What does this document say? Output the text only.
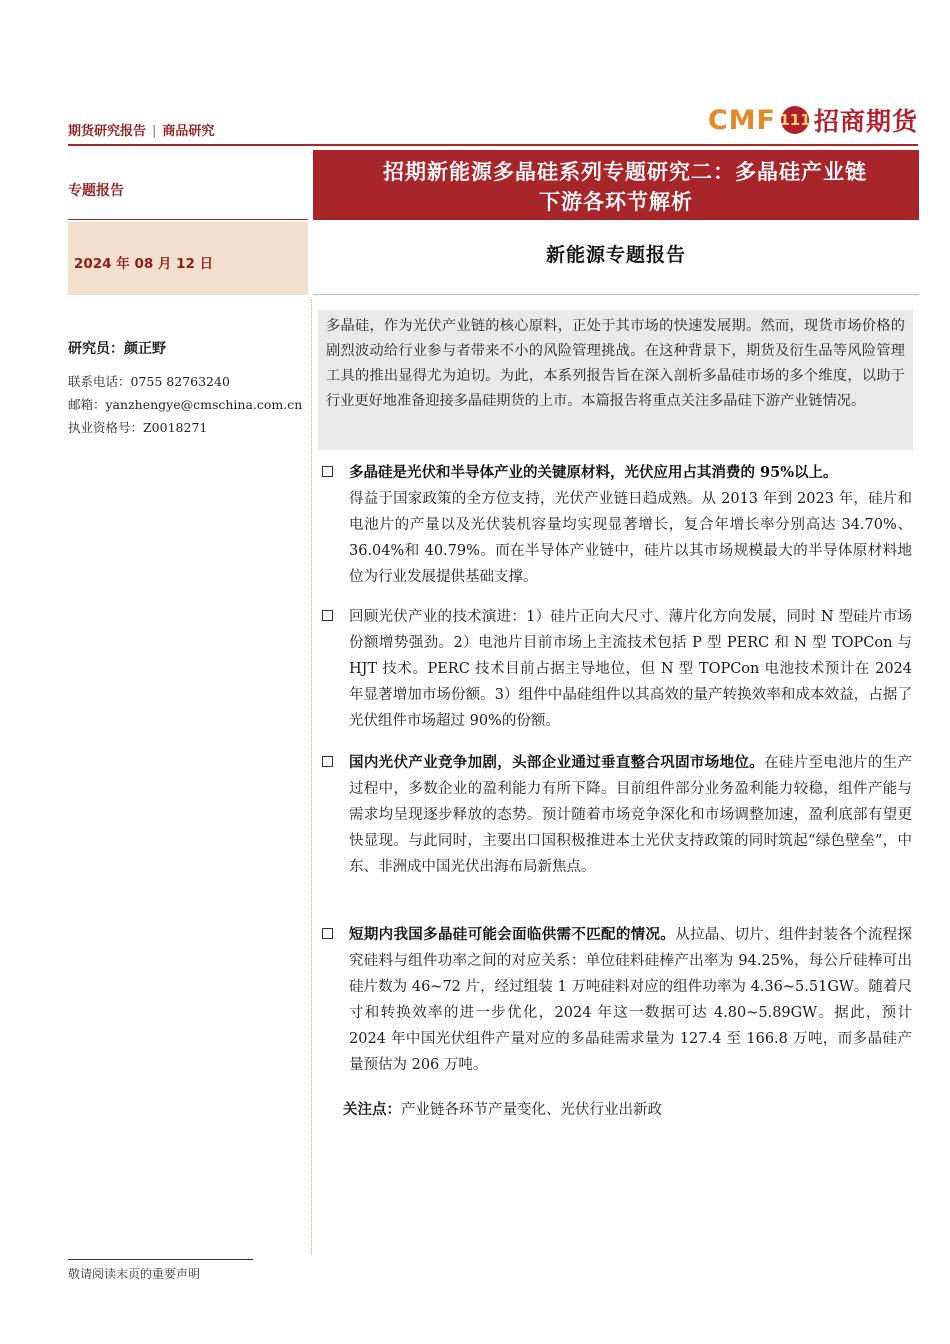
期货研究报告 | 商品研究	CMF 111 招商期货
专题报告
2024 年 08 月 12 日
研究员：颜正野
联系电话：0755 82763240
邮箱：yanzhengye@cmschina.com.cn
执业资格号：Z0018271
招期新能源多晶硅系列专题研究二：多晶硅产业链
下游各环节解析
新能源专题报告

多晶硅，作为光伏产业链的核心原料，正处于其市场的快速发展期。然而，现货市场价格的剧烈波动给行业参与者带来不小的风险管理挑战。在这种背景下，期货及衍生品等风险管理工具的推出显得尤为迫切。为此，本系列报告旨在深入剖析多晶硅市场的多个维度，以助于行业更好地准备迎接多晶硅期货的上市。本篇报告将重点关注多晶硅下游产业链情况。

多晶硅是光伏和半导体产业的关键原材料，光伏应用占其消费的 95%以上。
得益于国家政策的全方位支持，光伏产业链日趋成熟。从 2013 年到 2023 年，硅片和电池片的产量以及光伏装机容量均实现显著增长，复合年增长率分别高达 34.70%、36.04%和 40.79%。而在半导体产业链中，硅片以其市场规模最大的半导体原材料地位为行业发展提供基础支撑。

回顾光伏产业的技术演进：1）硅片正向大尺寸、薄片化方向发展，同时 N 型硅片市场份额增势强劲。2）电池片目前市场上主流技术包括 P 型 PERC 和 N 型 TOPCon 与 HJT 技术。PERC 技术目前占据主导地位，但 N 型 TOPCon 电池技术预计在 2024 年显著增加市场份额。3）组件中晶硅组件以其高效的量产转换效率和成本效益，占据了光伏组件市场超过 90%的份额。

国内光伏产业竞争加剧，头部企业通过垂直整合巩固市场地位。在硅片至电池片的生产过程中，多数企业的盈利能力有所下降。目前组件部分业务盈利能力较稳，组件产能与需求均呈现逐步释放的态势。预计随着市场竞争深化和市场调整加速，盈利底部有望更快显现。与此同时，主要出口国积极推进本土光伏支持政策的同时筑起“绿色壁垒”，中东、非洲成中国光伏出海布局新焦点。

短期内我国多晶硅可能会面临供需不匹配的情况。从拉晶、切片、组件封装各个流程探究硅料与组件功率之间的对应关系：单位硅料硅棒产出率为 94.25%，每公斤硅棒可出硅片数为 46~72 片，经过组装 1 万吨硅料对应的组件功率为 4.36~5.51GW。随着尺寸和转换效率的进一步优化，2024 年这一数据可达 4.80~5.89GW。据此，预计 2024 年中国光伏组件产量对应的多晶硅需求量为 127.4 至 166.8 万吨，而多晶硅产量预估为 206 万吨。

关注点：产业链各环节产量变化、光伏行业出新政
敬请阅读末页的重要声明
